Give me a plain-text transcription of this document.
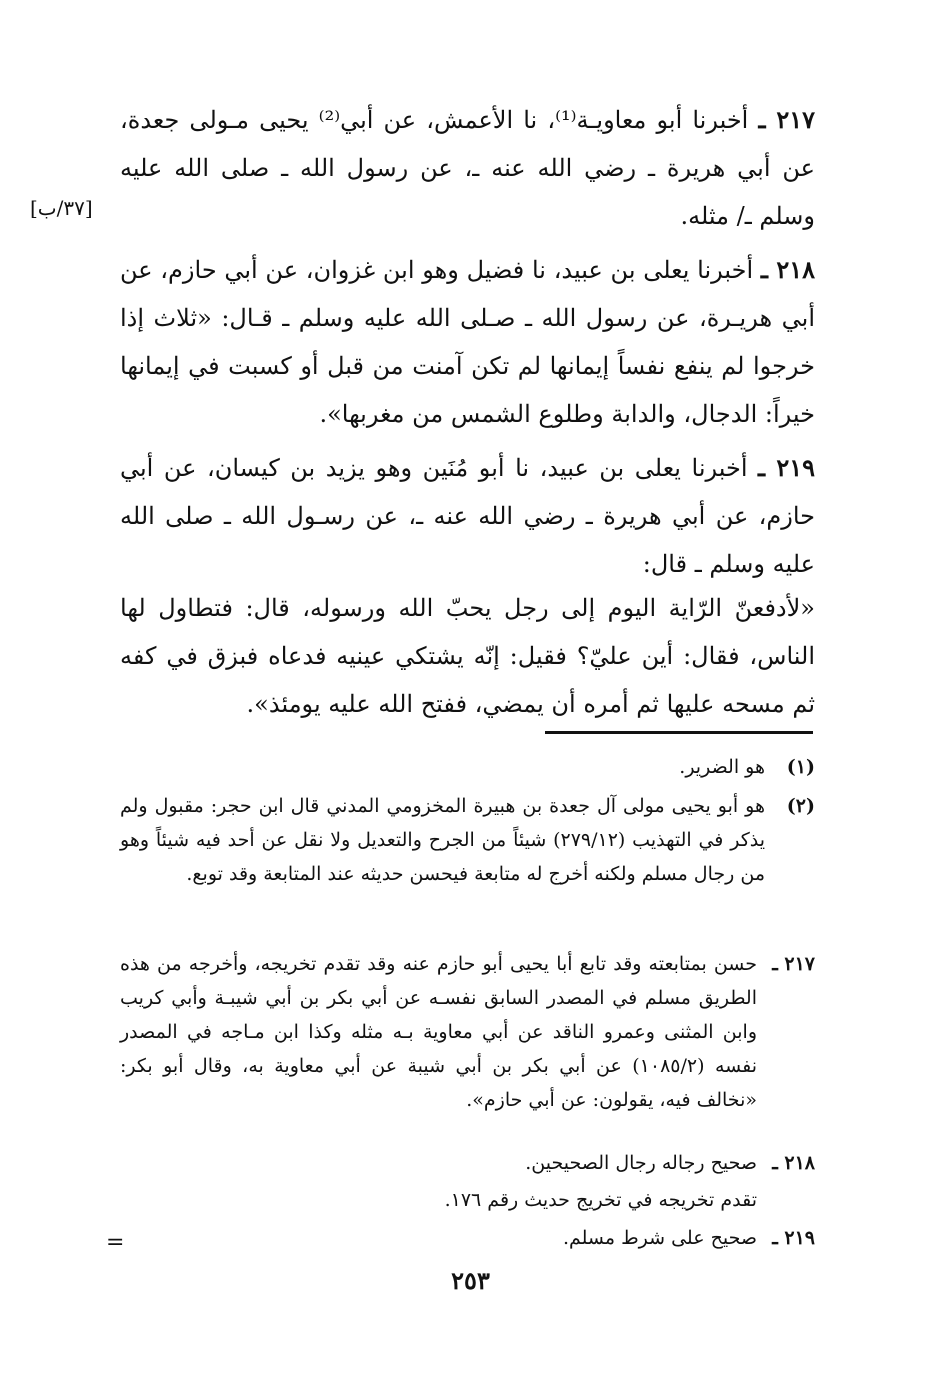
٢١٧ ـ أخبرنا أبو معاويـة⁽¹⁾، نا الأعمش، عن أبي⁽²⁾ يحيى مـولى جعدة، عن أبي هريرة ـ رضي الله عنه ـ، عن رسول الله ـ صلى الله عليه وسلم ـ/ مثله.

[٣٧/ب]

٢١٨ ـ أخبرنا يعلى بن عبيد، نا فضيل وهو ابن غزوان، عن أبي حازم، عن أبي هريـرة، عن رسول الله ـ صـلى الله عليه وسلم ـ قـال: «ثلاث إذا خرجوا لم ينفع نفساً إيمانها لم تكن آمنت من قبل أو كسبت في إيمانها خيراً: الدجال، والدابة وطلوع الشمس من مغربها».

٢١٩ ـ أخبرنا يعلى بن عبيد، نا أبو مُنَين وهو يزيد بن كيسان، عن أبي حازم، عن أبي هريرة ـ رضي الله عنه ـ، عن رسـول الله ـ صلى الله عليه وسلم ـ قال:

«لأدفعنّ الرّاية اليوم إلى رجل يحبّ الله ورسوله، قال: فتطاول لها الناس، فقال: أين عليّ؟ فقيل: إنّه يشتكي عينيه فدعاه فبزق في كفه ثم مسحه عليها ثم أمره أن يمضي، ففتح الله عليه يومئذ».

(١)
هو الضرير.
(٢)
هو أبو يحيى مولى آل جعدة بن هبيرة المخزومي المدني قال ابن حجر: مقبول ولم يذكر في التهذيب (٢٧٩/١٢) شيئاً من الجرح والتعديل ولا نقل عن أحد فيه شيئاً وهو من رجال مسلم ولكنه أخرج له متابعة فيحسن حديثه عند المتابعة وقد توبع.
٢١٧ ـ
حسن بمتابعته وقد تابع أبا يحيى أبو حازم عنه وقد تقدم تخريجه، وأخرجه من هذه الطريق مسلم في المصدر السابق نفسـه عن أبي بكر بن أبي شيبـة وأبي كريب وابن المثنى وعمرو الناقد عن أبي معاوية بـه مثله وكذا ابن مـاجه في المصدر نفسه (١٠٨٥/٢) عن أبي بكر بن أبي شيبة عن أبي معاوية به، وقال أبو بكر: «نخالف فيه، يقولون: عن أبي حازم».
٢١٨ ـ
صحيح رجاله رجال الصحيحين.
تقدم تخريجه في تخريج حديث رقم ١٧٦.
٢١٩ ـ
صحيح على شرط مسلم.
=
٢٥٣
